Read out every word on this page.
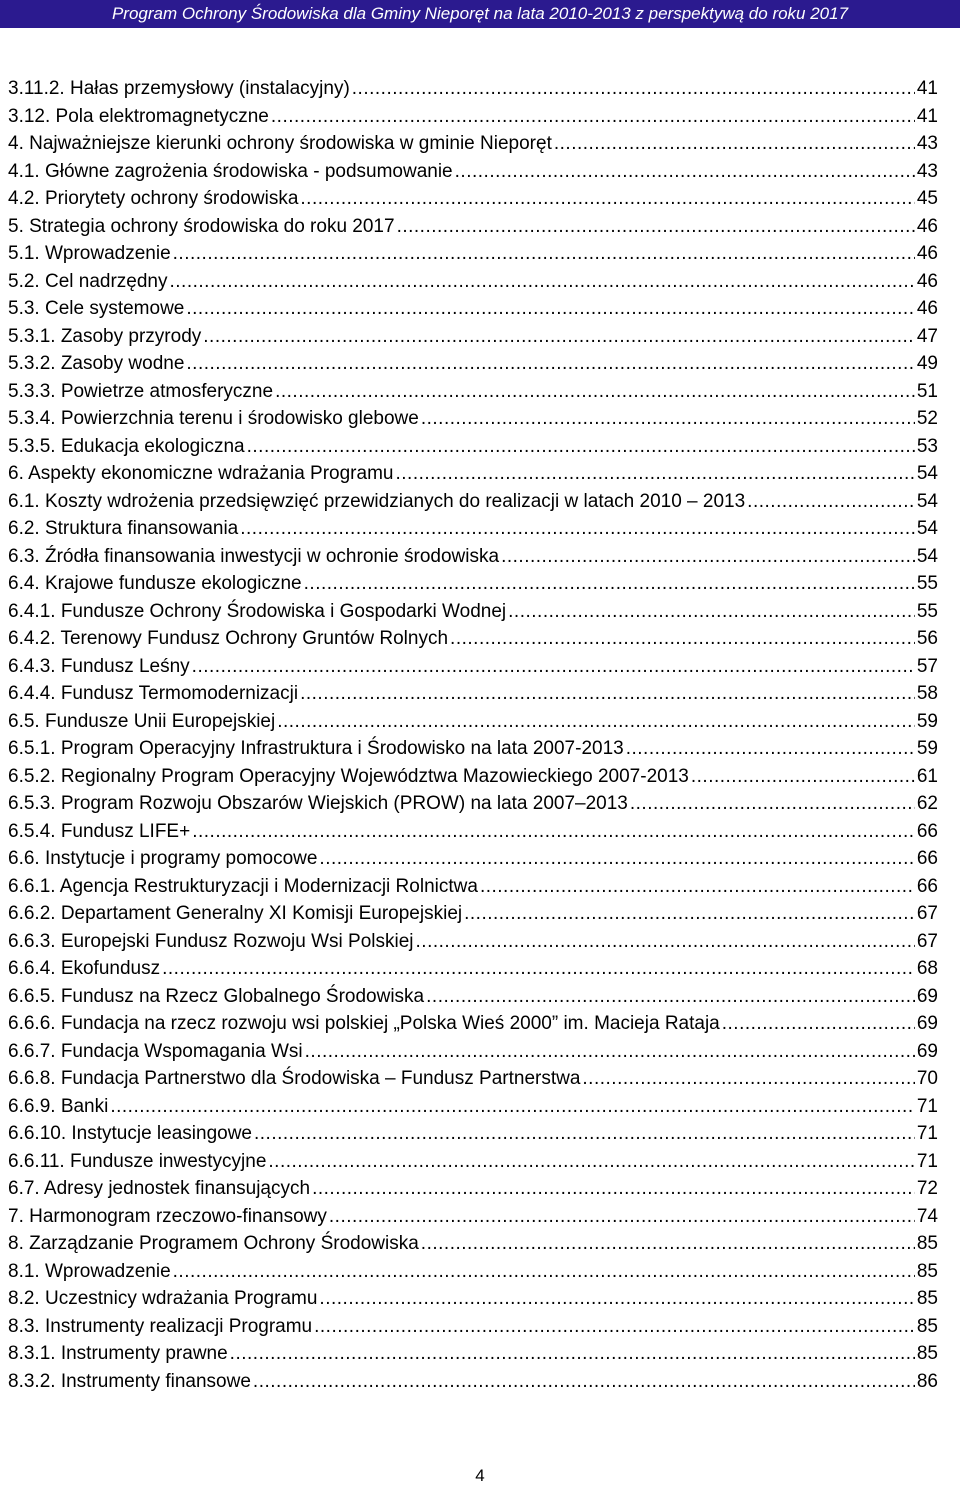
Program Ochrony Środowiska dla Gminy Nieporęt na lata 2010-2013 z perspektywą do roku 2017
3.11.2. Hałas przemysłowy (instalacyjny) .....	41
3.12. Pola elektromagnetyczne .....	41
4. Najważniejsze kierunki ochrony środowiska w gminie Nieporęt .....	43
4.1. Główne zagrożenia środowiska - podsumowanie .....	43
4.2. Priorytety ochrony środowiska .....	45
5. Strategia ochrony środowiska do roku 2017 .....	46
5.1. Wprowadzenie .....	46
5.2. Cel nadrzędny .....	46
5.3. Cele systemowe .....	46
5.3.1. Zasoby przyrody .....	47
5.3.2. Zasoby wodne .....	49
5.3.3. Powietrze atmosferyczne .....	51
5.3.4. Powierzchnia terenu i środowisko glebowe .....	52
5.3.5. Edukacja ekologiczna .....	53
6. Aspekty ekonomiczne wdrażania Programu .....	54
6.1. Koszty wdrożenia przedsięwzięć przewidzianych do realizacji w latach 2010 – 2013 .....	54
6.2. Struktura finansowania .....	54
6.3. Źródła finansowania inwestycji w ochronie środowiska .....	54
6.4. Krajowe fundusze ekologiczne .....	55
6.4.1. Fundusze Ochrony Środowiska i Gospodarki Wodnej .....	55
6.4.2. Terenowy Fundusz Ochrony Gruntów Rolnych .....	56
6.4.3. Fundusz Leśny .....	57
6.4.4. Fundusz Termomodernizacji .....	58
6.5. Fundusze Unii Europejskiej .....	59
6.5.1. Program Operacyjny Infrastruktura i Środowisko na lata 2007-2013 .....	59
6.5.2. Regionalny Program Operacyjny Województwa Mazowieckiego 2007-2013 .....	61
6.5.3. Program Rozwoju Obszarów Wiejskich (PROW) na lata 2007–2013 .....	62
6.5.4. Fundusz LIFE+ .....	66
6.6. Instytucje i programy pomocowe .....	66
6.6.1. Agencja Restrukturyzacji i Modernizacji Rolnictwa .....	66
6.6.2. Departament Generalny XI Komisji Europejskiej .....	67
6.6.3. Europejski Fundusz Rozwoju Wsi Polskiej .....	67
6.6.4. Ekofundusz .....	68
6.6.5. Fundusz na Rzecz Globalnego Środowiska .....	69
6.6.6. Fundacja na rzecz rozwoju wsi polskiej „Polska Wieś 2000” im. Macieja Rataja .....	69
6.6.7. Fundacja Wspomagania Wsi .....	69
6.6.8. Fundacja Partnerstwo dla Środowiska – Fundusz Partnerstwa .....	70
6.6.9. Banki .....	71
6.6.10. Instytucje leasingowe .....	71
6.6.11. Fundusze inwestycyjne .....	71
6.7. Adresy jednostek finansujących .....	72
7. Harmonogram rzeczowo-finansowy .....	74
8. Zarządzanie Programem Ochrony Środowiska .....	85
8.1. Wprowadzenie .....	85
8.2. Uczestnicy wdrażania Programu .....	85
8.3. Instrumenty realizacji Programu .....	85
8.3.1. Instrumenty prawne .....	85
8.3.2. Instrumenty finansowe .....	86
4
